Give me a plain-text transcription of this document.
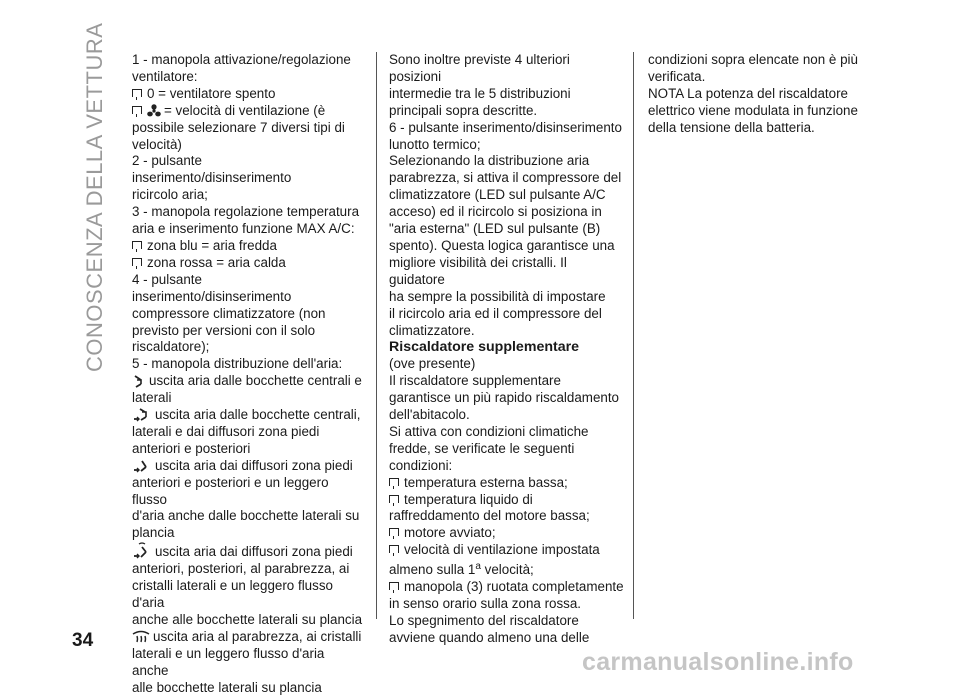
CONOSCENZA DELLA VETTURA 1 - manopola attivazione/regolazione

ventilatore:

0 = ventilatore spento

= velocità di ventilazione (è

possibile selezionare 7 diversi tipi di

velocità)

2 - pulsante inserimento/disinserimento

ricircolo aria;

3 - manopola regolazione temperatura

aria e inserimento funzione MAX A/C:

zona blu = aria fredda

zona rossa = aria calda

4 - pulsante inserimento/disinserimento

compressore climatizzatore (non

previsto per versioni con il solo

riscaldatore);

5 - manopola distribuzione dell'aria:

uscita aria dalle bocchette centrali e

laterali

uscita aria dalle bocchette centrali,

laterali e dai diffusori zona piedi

anteriori e posteriori

uscita aria dai diffusori zona piedi

anteriori e posteriori e un leggero flusso

d'aria anche dalle bocchette laterali su

plancia

uscita aria dai diffusori zona piedi

anteriori, posteriori, al parabrezza, ai

cristalli laterali e un leggero flusso d'aria

anche alle bocchette laterali su plancia

uscita aria al parabrezza, ai cristalli

laterali e un leggero flusso d'aria anche

alle bocchette laterali su plancia

Sono inoltre previste 4 ulteriori posizioni

intermedie tra le 5 distribuzioni

principali sopra descritte.

6 - pulsante inserimento/disinserimento

lunotto termico;

Selezionando la distribuzione aria

parabrezza, si attiva il compressore del

climatizzatore (LED sul pulsante A/C

acceso) ed il ricircolo si posiziona in

"aria esterna" (LED sul pulsante (B)

spento). Questa logica garantisce una

migliore visibilità dei cristalli. Il guidatore

ha sempre la possibilità di impostare

il ricircolo aria ed il compressore del

climatizzatore.

Riscaldatore supplementare

(ove presente)

Il riscaldatore supplementare

garantisce un più rapido riscaldamento

dell'abitacolo.

Si attiva con condizioni climatiche

fredde, se verificate le seguenti

condizioni:

temperatura esterna bassa;

temperatura liquido di

raffreddamento del motore bassa;

motore avviato;

velocità di ventilazione impostata

almeno sulla 1$^a$ velocità;

manopola (3) ruotata completamente

in senso orario sulla zona rossa.

Lo spegnimento del riscaldatore

avviene quando almeno una delle

condizioni sopra elencate non è più

verificata.

NOTA La potenza del riscaldatore

elettrico viene modulata in funzione

della tensione della batteria.

34
carmanualsonline.info
